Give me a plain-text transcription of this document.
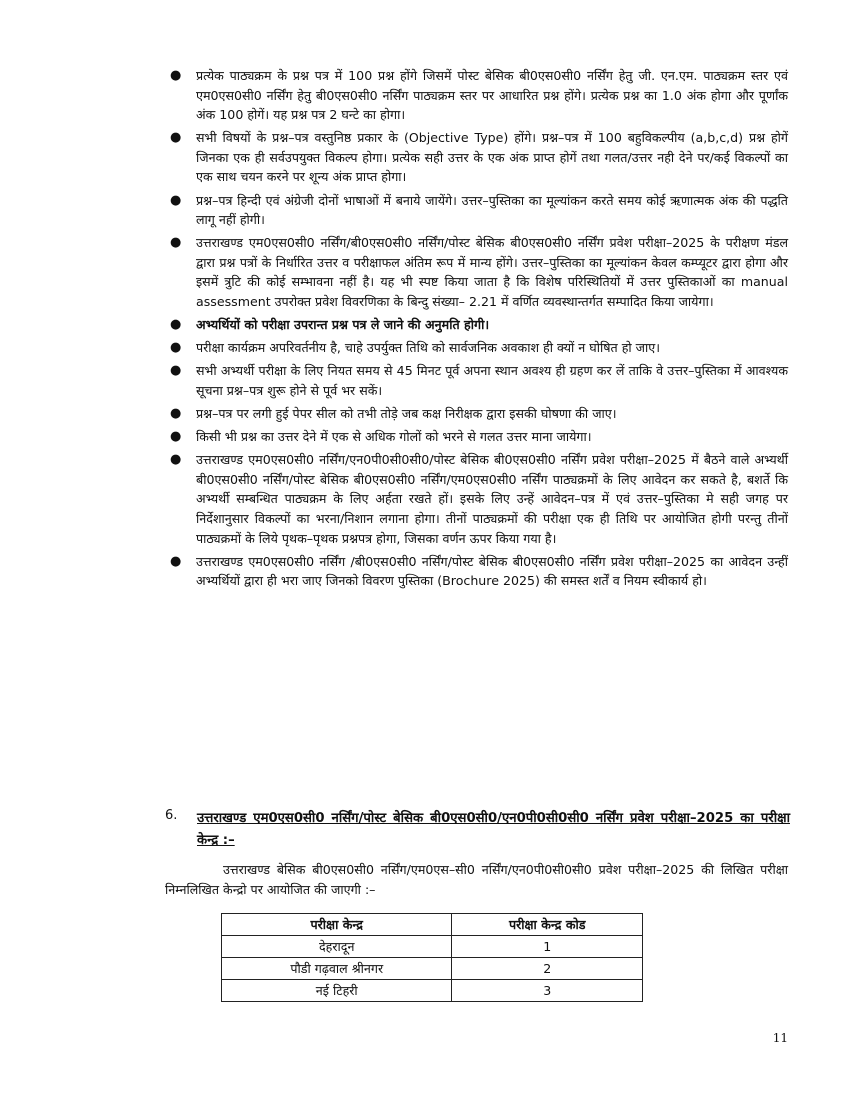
● प्रत्येक पाठ्यक्रम के प्रश्न पत्र में 100 प्रश्न होंगे जिसमें पोस्ट बेसिक बी0एस0सी0 नर्सिंग हेतु जी. एन.एम. पाठ्यक्रम स्तर एवं एम0एस0सी0 नर्सिंग हेतु बी0एस0सी0 नर्सिंग पाठ्यक्रम स्तर पर आधारित प्रश्न होंगे। प्रत्येक प्रश्न का 1.0 अंक होगा और पूर्णांक अंक 100 होगें। यह प्रश्न पत्र 2 घन्टे का होगा।
● सभी विषयों के प्रश्न–पत्र वस्तुनिष्ठ प्रकार के (Objective Type) होंगे। प्रश्न–पत्र में 100 बहुविकल्पीय (a,b,c,d) प्रश्न होगें जिनका एक ही सर्वउपयुक्त विकल्प होगा। प्रत्येक सही उत्तर के एक अंक प्राप्त होगें तथा गलत/उत्तर नही देने पर/कई विकल्पों का एक साथ चयन करने पर शून्य अंक प्राप्त होगा।
● प्रश्न–पत्र हिन्दी एवं अंग्रेजी दोनों भाषाओं में बनाये जायेंगे। उत्तर–पुस्तिका का मूल्यांकन करते समय कोई ऋणात्मक अंक की पद्धति लागू नहीं होगी।
● उत्तराखण्ड एम0एस0सी0 नर्सिंग/बी0एस0सी0 नर्सिंग/पोस्ट बेसिक बी0एस0सी0 नर्सिंग प्रवेश परीक्षा–2025 के परीक्षण मंडल द्वारा प्रश्न पत्रों के निर्धारित उत्तर व परीक्षाफल अंतिम रूप में मान्य होंगे। उत्तर–पुस्तिका का मूल्यांकन केवल कम्प्यूटर द्वारा होगा और इसमें त्रुटि की कोई सम्भावना नहीं है। यह भी स्पष्ट किया जाता है कि विशेष परिस्थितियों में उत्तर पुस्तिकाओं का manual assessment उपरोक्त प्रवेश विवरणिका के बिन्दु संख्या– 2.21 में वर्णित व्यवस्थान्तर्गत सम्पादित किया जायेगा।
● अभ्यर्थियों को परीक्षा उपरान्त प्रश्न पत्र ले जाने की अनुमति होगी।
● परीक्षा कार्यक्रम अपरिवर्तनीय है, चाहे उपर्युक्त तिथि को सार्वजनिक अवकाश ही क्यों न घोषित हो जाए।
● सभी अभ्यर्थी परीक्षा के लिए नियत समय से 45 मिनट पूर्व अपना स्थान अवश्य ही ग्रहण कर लें ताकि वे उत्तर–पुस्तिका में आवश्यक सूचना प्रश्न–पत्र शुरू होने से पूर्व भर सकें।
● प्रश्न–पत्र पर लगी हुई पेपर सील को तभी तोड़े जब कक्ष निरीक्षक द्वारा इसकी घोषणा की जाए।
● किसी भी प्रश्न का उत्तर देने में एक से अधिक गोलों को भरने से गलत उत्तर माना जायेगा।
● उत्तराखण्ड एम0एस0सी0 नर्सिंग/एन0पी0सी0सी0/पोस्ट बेसिक बी0एस0सी0 नर्सिंग प्रवेश परीक्षा–2025 में बैठने वाले अभ्यर्थी बी0एस0सी0 नर्सिंग/पोस्ट बेसिक बी0एस0सी0 नर्सिंग/एम0एस0सी0 नर्सिंग पाठ्यक्रमों के लिए आवेदन कर सकते है, बशर्ते कि अभ्यर्थी सम्बन्धित पाठ्यक्रम के लिए अर्हता रखते हों। इसके लिए उन्हें आवेदन–पत्र में एवं उत्तर–पुस्तिका मे सही जगह पर निर्देशानुसार विकल्पों का भरना/निशान लगाना होगा। तीनों पाठ्यक्रमों की परीक्षा एक ही तिथि पर आयोजित होगी परन्तु तीनों पाठ्यक्रमों के लिये पृथक–पृथक प्रश्नपत्र होगा, जिसका वर्णन ऊपर किया गया है।
● उत्तराखण्ड एम0एस0सी0 नर्सिंग /बी0एस0सी0 नर्सिंग/पोस्ट बेसिक बी0एस0सी0 नर्सिंग प्रवेश परीक्षा–2025 का आवेदन उन्हीं अभ्यर्थियों द्वारा ही भरा जाए जिनको विवरण पुस्तिका (Brochure 2025) की समस्त शर्तें व नियम स्वीकार्य हो।
6. उत्तराखण्ड एम0एस0सी0 नर्सिंग/पोस्ट बेसिक बी0एस0सी0/एन0पी0सी0सी0 नर्सिंग प्रवेश परीक्षा–2025 का परीक्षा केन्द्र :–
उत्तराखण्ड बेसिक बी0एस0सी0 नर्सिंग/एम0एस–सी0 नर्सिंग/एन0पी0सी0सी0 प्रवेश परीक्षा–2025 की लिखित परीक्षा निम्नलिखित केन्द्रो पर आयोजित की जाएगी :–
परीक्षा केन्द्र	परीक्षा केन्द्र कोड
देहरादून	1
पौडी गढ़वाल श्रीनगर	2
नई टिहरी	3
11
